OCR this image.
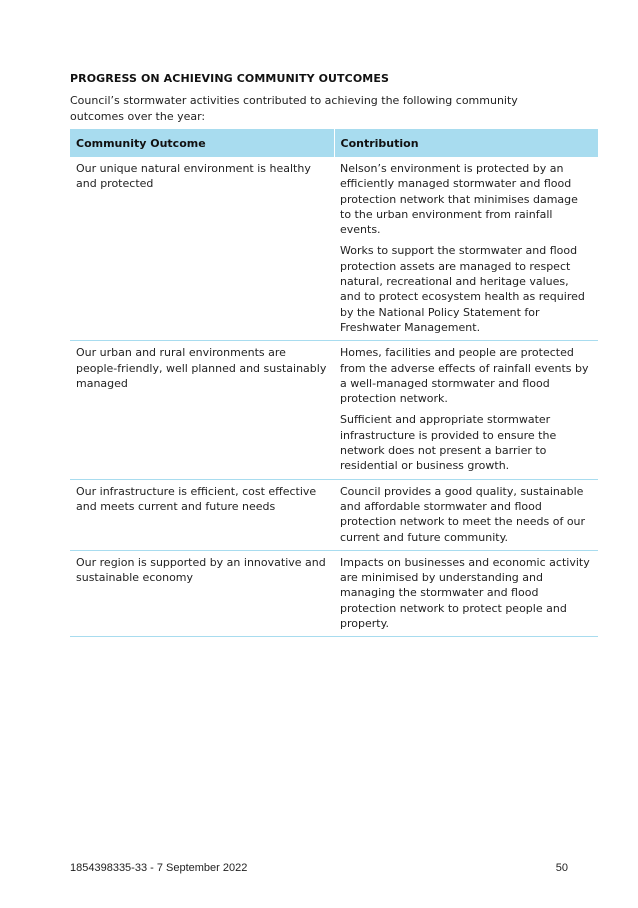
PROGRESS ON ACHIEVING COMMUNITY OUTCOMES
Council’s stormwater activities contributed to achieving the following community outcomes over the year:
Community Outcome	Contribution
Our unique natural environment is healthy and protected	Nelson’s environment is protected by an efficiently managed stormwater and flood protection network that minimises damage to the urban environment from rainfall events.

Works to support the stormwater and flood protection assets are managed to respect natural, recreational and heritage values, and to protect ecosystem health as required by the National Policy Statement for Freshwater Management.

Our urban and rural environments are people-friendly, well planned and sustainably managed	Homes, facilities and people are protected from the adverse effects of rainfall events by a well-managed stormwater and flood protection network.

Sufficient and appropriate stormwater infrastructure is provided to ensure the network does not present a barrier to residential or business growth.

Our infrastructure is efficient, cost effective and meets current and future needs	Council provides a good quality, sustainable and affordable stormwater and flood protection network to meet the needs of our current and future community.

Our region is supported by an innovative and sustainable economy	Impacts on businesses and economic activity are minimised by understanding and managing the stormwater and flood protection network to protect people and property.

1854398335-33 - 7 September 2022	50
